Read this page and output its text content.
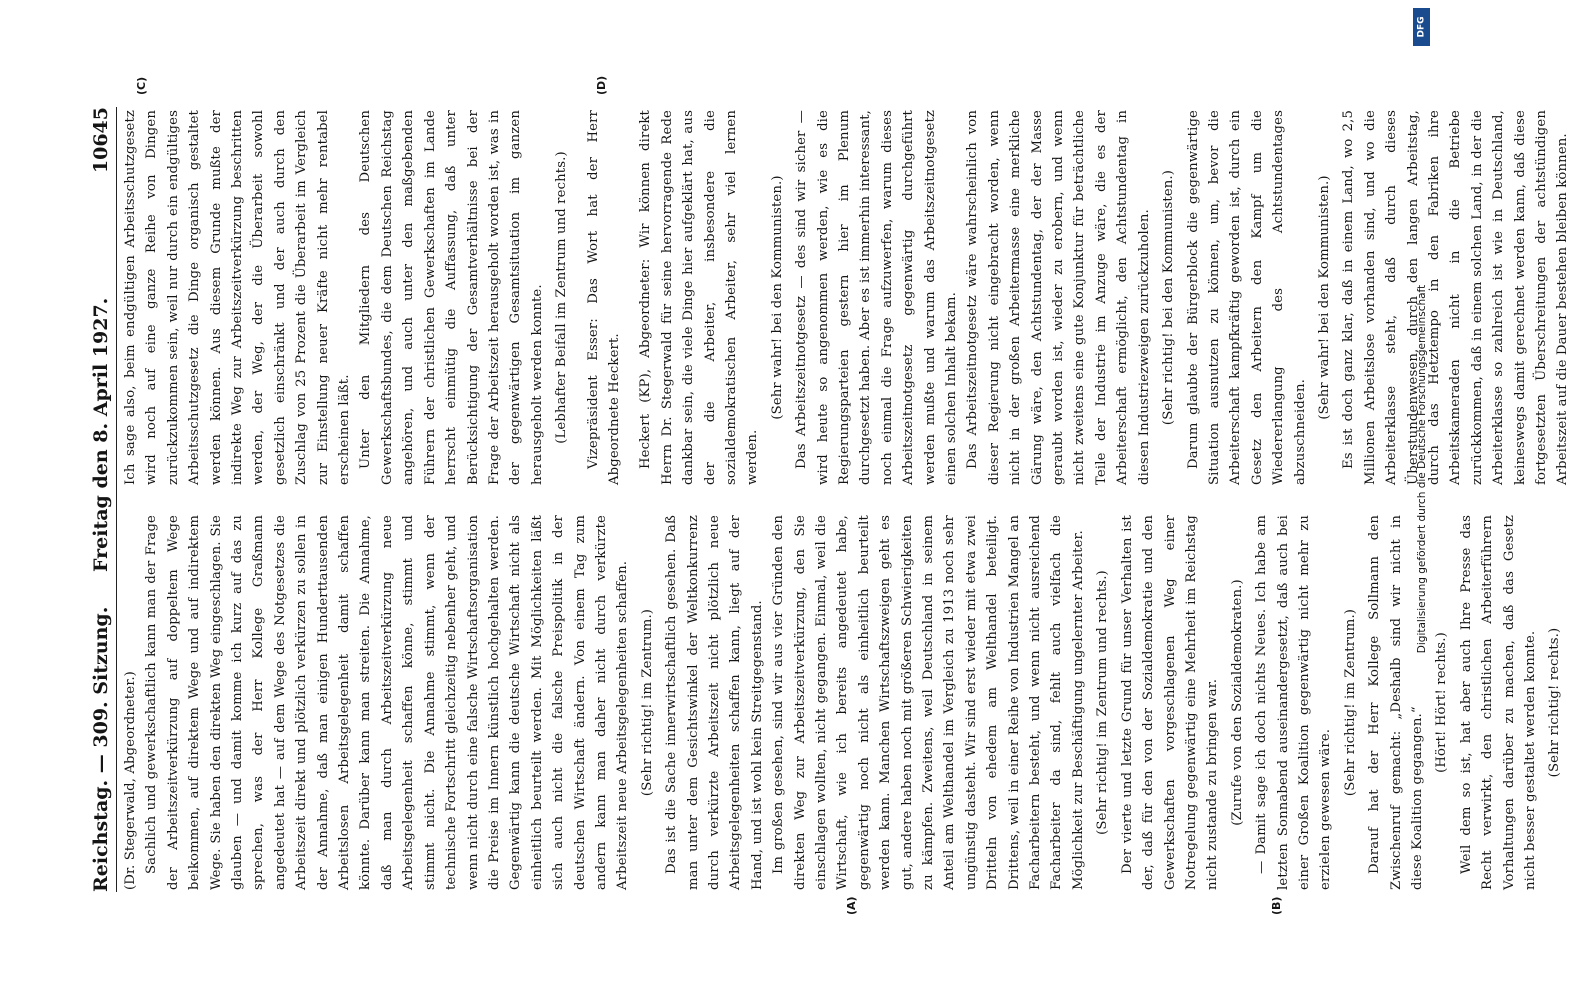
Reichstag. — 309. Sitzung.
Freitag den 8. April 1927.
10645
(A)	(B)
(C)	(D)

(Dr. Stegerwald, Abgeordneter.) Sachlich und gewerkschaftlich kann man der Frage der Arbeitszeitverkürzung auf doppeltem Wege beikommen, auf direktem Wege und auf indirektem Wege. Sie haben den direkten Weg eingeschlagen. Sie glauben — und damit komme ich kurz auf das zu sprechen, was der Herr Kollege Graßmann angedeutet hat — auf dem Wege des Notgesetzes die Arbeitszeit direkt und plötzlich verkürzen zu sollen in der Annahme, daß man einigen Hunderttausenden Arbeitslosen Arbeitsgelegenheit damit schaffen könnte. Darüber kann man streiten. Die Annahme, daß man durch Arbeitszeitverkürzung neue Arbeitsgelegenheit schaffen könne, stimmt und stimmt nicht. Die Annahme stimmt, wenn der technische Fortschritt gleichzeitig nebenher geht, und wenn nicht durch eine falsche Wirtschaftsorganisation die Preise im Innern künstlich hochgehalten werden. Gegenwärtig kann die deutsche Wirtschaft nicht als einheitlich beurteilt werden. Mit Möglichkeiten läßt sich auch nicht die falsche Preispolitik in der deutschen Wirtschaft ändern. Von einem Tag zum andern kann man daher nicht durch verkürzte Arbeitszeit neue Arbeitsgelegenheiten schaffen. (Sehr richtig! im Zentrum.) Das ist die Sache innerwirtschaftlich gesehen. Daß man unter dem Gesichtswinkel der Weltkonkurrenz durch verkürzte Arbeitszeit nicht plötzlich neue Arbeitsgelegenheiten schaffen kann, liegt auf der Hand, und ist wohl kein Streitgegenstand. Im großen gesehen, sind wir aus vier Gründen den direkten Weg zur Arbeitszeitverkürzung, den Sie einschlagen wollten, nicht gegangen. Einmal, weil die Wirtschaft, wie ich bereits angedeutet habe, gegenwärtig noch nicht als einheitlich beurteilt werden kann. Manchen Wirtschaftszweigen geht es gut, andere haben noch mit größeren Schwierigkeiten zu kämpfen. Zweitens, weil Deutschland in seinem Anteil am Welthandel im Vergleich zu 1913 noch sehr ungünstig dasteht. Wir sind erst wieder mit etwa zwei Dritteln von ehedem am Welthandel beteiligt. Drittens, weil in einer Reihe von Industrien Mangel an Facharbeitern besteht, und wenn nicht ausreichend Facharbeiter da sind, fehlt auch vielfach die Möglichkeit zur Beschäftigung ungelernter Arbeiter. (Sehr richtig! im Zentrum und rechts.) Der vierte und letzte Grund für unser Verhalten ist der, daß für den von der Sozialdemokratie und den Gewerkschaften vorgeschlagenen Weg einer Notregelung gegenwärtig eine Mehrheit im Reichstag nicht zustande zu bringen war. (Zurufe von den Sozialdemokraten.) — Damit sage ich doch nichts Neues. Ich habe am letzten Sonnabend auseinandergesetzt, daß auch bei einer Großen Koalition gegenwärtig nicht mehr zu erzielen gewesen wäre.

(Sehr richtig! im Zentrum.) Darauf hat der Herr Kollege Sollmann den Zwischenruf gemacht: „Deshalb sind wir nicht in diese Koalition gegangen.“

(Hört! Hört! rechts.) Weil dem so ist, hat aber auch Ihre Presse das Recht verwirkt, den christlichen Arbeiterführern Vorhaltungen darüber zu machen, daß das Gesetz nicht besser gestaltet werden konnte. (Sehr richtig! rechts.)

Ich sage also, beim endgültigen Arbeitsschutzgesetz wird noch auf eine ganze Reihe von Dingen zurückzukommen sein, weil nur durch ein endgültiges Arbeitsschutzgesetz die Dinge organisch gestaltet werden können. Aus diesem Grunde mußte der indirekte Weg zur Arbeitszeitverkürzung beschritten werden, der Weg, der die Überarbeit sowohl gesetzlich einschränkt und der auch durch den Zuschlag von 25 Prozent die Überarbeit im Vergleich zur Einstellung neuer Kräfte nicht mehr rentabel erscheinen läßt. Unter den Mitgliedern des Deutschen Gewerkschaftsbundes, die dem Deutschen Reichstag angehören, und auch unter den maßgebenden Führern der christlichen Gewerkschaften im Lande herrscht einmütig die Auffassung, daß unter Berücksichtigung der Gesamtverhältnisse bei der Frage der Arbeitszeit herausgeholt worden ist, was in der gegenwärtigen Gesamtsituation im ganzen herausgeholt werden konnte. (Lebhafter Beifall im Zentrum und rechts.) Vizepräsident Esser: Das Wort hat der Herr Abgeordnete Heckert. Heckert (KP), Abgeordneter: Wir können direkt Herrn Dr. Stegerwald für seine hervorragende Rede dankbar sein, die viele Dinge hier aufgeklärt hat, aus der die Arbeiter, insbesondere die sozialdemokratischen Arbeiter, sehr viel lernen werden.

(Sehr wahr! bei den Kommunisten.) Das Arbeitszeitnotgesetz — des sind wir sicher — wird heute so angenommen werden, wie es die Regierungsparteien gestern hier im Plenum durchgesetzt haben. Aber es ist immerhin interessant, noch einmal die Frage aufzuwerfen, warum dieses Arbeitszeitnotgesetz gegenwärtig durchgeführt werden mußte und warum das Arbeitszeitnotgesetz einen solchen Inhalt bekam. Das Arbeitszeitnotgesetz wäre wahrscheinlich von dieser Regierung nicht eingebracht worden, wenn nicht in der großen Arbeitermasse eine merkliche Gärung wäre, den Achtstundentag, der der Masse geraubt worden ist, wieder zu erobern, und wenn nicht zweitens eine gute Konjunktur für beträchtliche Teile der Industrie im Anzuge wäre, die es der Arbeiterschaft ermöglicht, den Achtstundentag in diesen Industriezweigen zurückzuholen. (Sehr richtig! bei den Kommunisten.) Darum glaubte der Bürgerblock die gegenwärtige Situation ausnutzen zu können, um, bevor die Arbeiterschaft kampfkräftig geworden ist, durch ein Gesetz den Arbeitern den Kampf um die Wiedererlangung des Achtstundentages abzuschneiden.

(Sehr wahr! bei den Kommunisten.) Es ist doch ganz klar, daß in einem Land, wo 2,5 Millionen Arbeitslose vorhanden sind, und wo die Arbeiterklasse steht, daß durch dieses Überstundenwesen, durch den langen Arbeitstag, durch das Hetztempo in den Fabriken ihre Arbeitskameraden nicht in die Betriebe zurückkommen, daß in einem solchen Land, in der die Arbeiterklasse so zahlreich ist wie in Deutschland, keineswegs damit gerechnet werden kann, daß diese fortgesetzten Überschreitungen der achtstündigen Arbeitszeit auf die Dauer bestehen bleiben können.

DFG
Digitalisierung gefördert durch die Deutsche Forschungsgemeinschaft
